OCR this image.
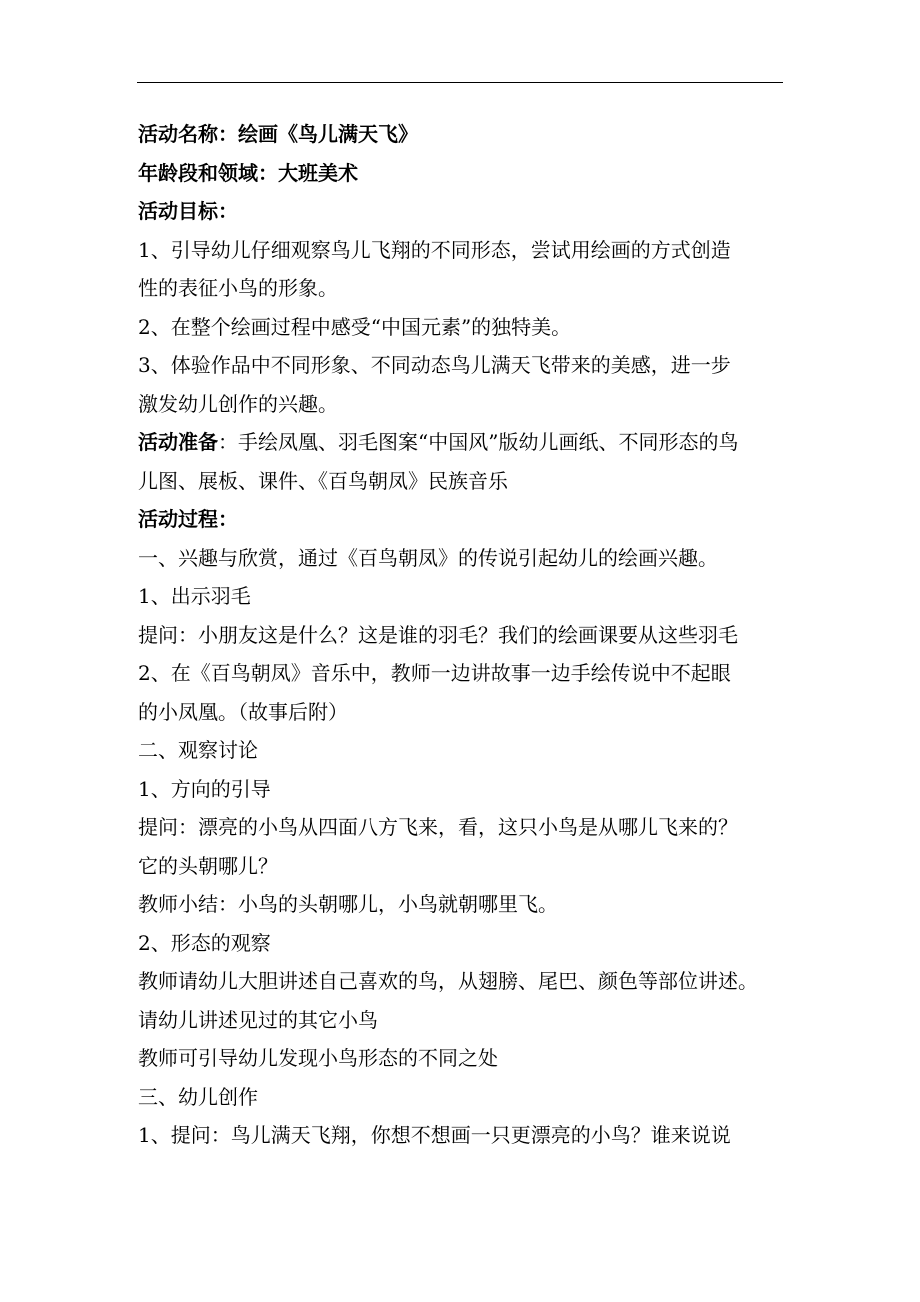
活动名称：绘画《鸟儿满天飞》
年龄段和领域：大班美术
活动目标：
1、引导幼儿仔细观察鸟儿飞翔的不同形态，尝试用绘画的方式创造
性的表征小鸟的形象。
2、在整个绘画过程中感受“中国元素”的独特美。
3、体验作品中不同形象、不同动态鸟儿满天飞带来的美感，进一步
激发幼儿创作的兴趣。
活动准备：手绘凤凰、羽毛图案“中国风”版幼儿画纸、不同形态的鸟
儿图、展板、课件、《百鸟朝凤》民族音乐
活动过程：
一、兴趣与欣赏，通过《百鸟朝凤》的传说引起幼儿的绘画兴趣。
1、出示羽毛
提问：小朋友这是什么？这是谁的羽毛？我们的绘画课要从这些羽毛
2、在《百鸟朝凤》音乐中，教师一边讲故事一边手绘传说中不起眼
的小凤凰。（故事后附）
二、观察讨论
1、方向的引导
提问：漂亮的小鸟从四面八方飞来，看，这只小鸟是从哪儿飞来的？
它的头朝哪儿？
教师小结：小鸟的头朝哪儿，小鸟就朝哪里飞。
2、形态的观察
教师请幼儿大胆讲述自己喜欢的鸟，从翅膀、尾巴、颜色等部位讲述。
请幼儿讲述见过的其它小鸟
教师可引导幼儿发现小鸟形态的不同之处
三、幼儿创作
1、提问：鸟儿满天飞翔，你想不想画一只更漂亮的小鸟？谁来说说
